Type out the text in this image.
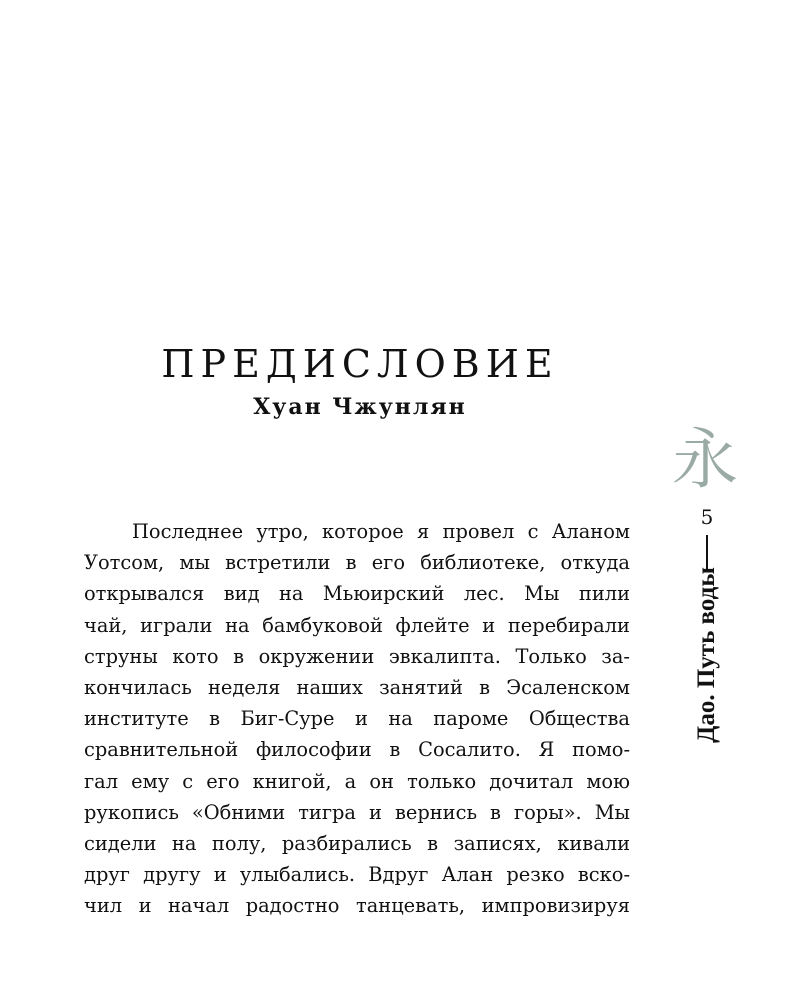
ПРЕДИСЛОВИЕ
Хуан Чжунлян
Последнее утро, которое я провел с Аланом
Уотсом, мы встретили в его библиотеке, откуда
открывался вид на Мьюирский лес. Мы пили
чай, играли на бамбуковой флейте и перебирали
струны кото в окружении эвкалипта. Только за-
кончилась неделя наших занятий в Эсаленском
институте в Биг-Суре и на пароме Общества
сравнительной философии в Сосалито. Я помо-
гал ему с его книгой, а он только дочитал мою
рукопись «Обними тигра и вернись в горы». Мы
сидели на полу, разбирались в записях, кивали
друг другу и улыбались. Вдруг Алан резко вско-
чил и начал радостно танцевать, импровизируя
永
5
Дао. Путь воды
